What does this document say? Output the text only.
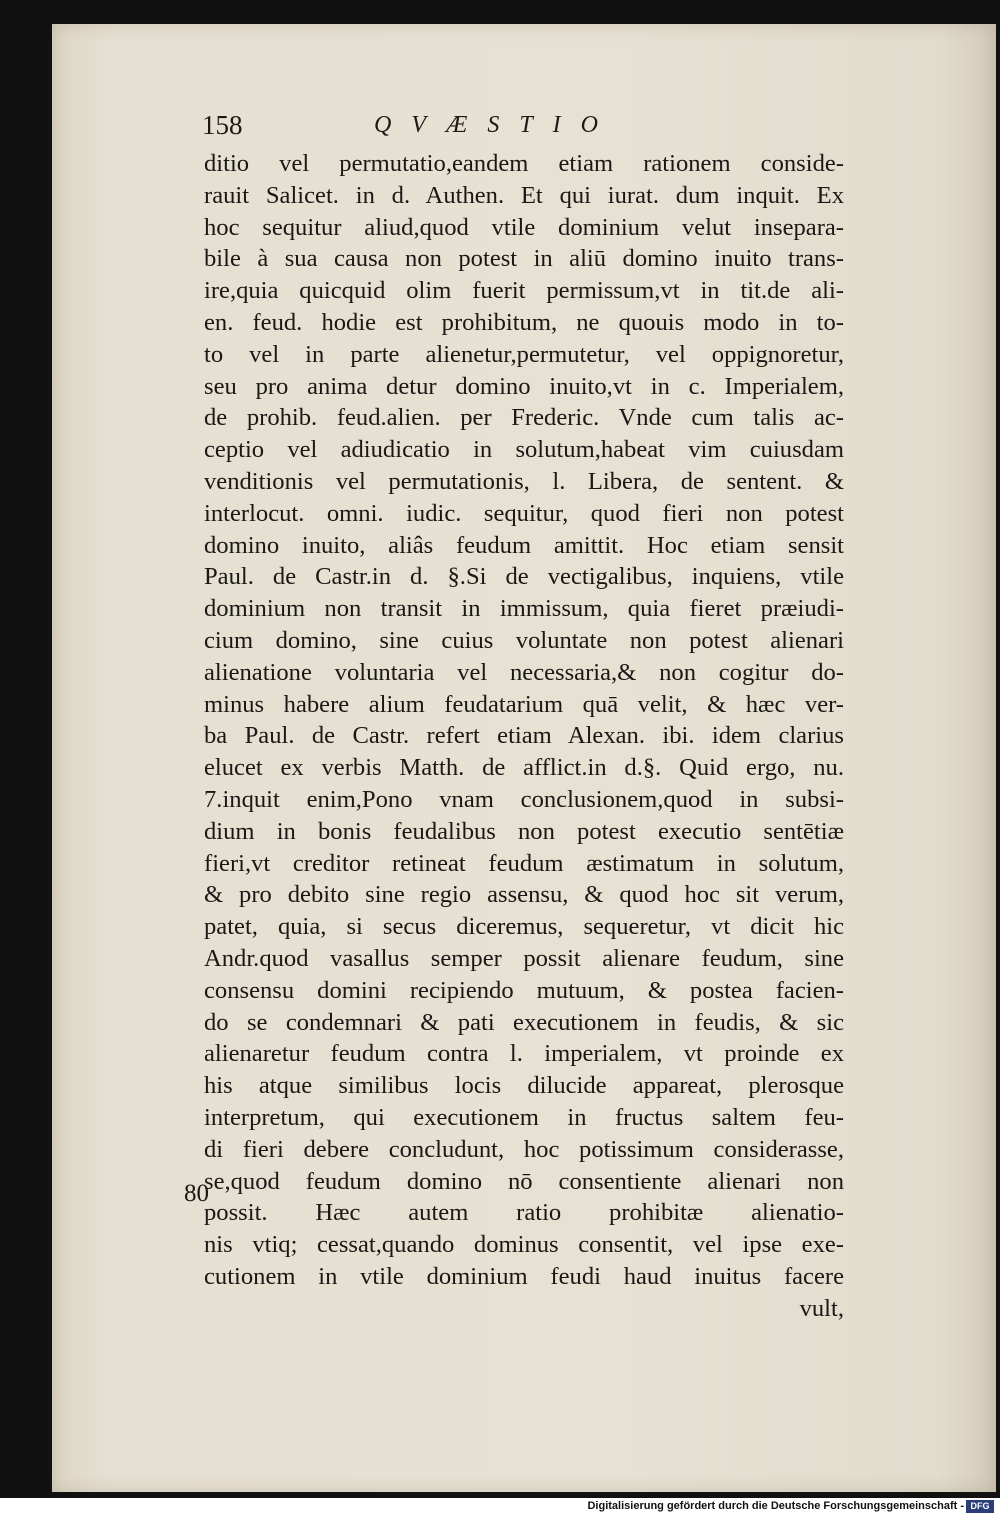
158	QVÆSTIO
ditio vel permutatio,eandem etiam rationem conside-
rauit Salicet. in d. Authen. Et qui iurat. dum inquit. Ex
hoc sequitur aliud,quod vtile dominium velut insepara-
bile à sua causa non potest in aliū domino inuito trans-
ire,quia quicquid olim fuerit permissum,vt in tit.de ali-
en. feud. hodie est prohibitum, ne quouis modo in to-
to vel in parte alienetur,permutetur, vel oppignoretur,
seu pro anima detur domino inuito,vt in c. Imperialem,
de prohib. feud.alien. per Frederic. Vnde cum talis ac-
ceptio vel adiudicatio in solutum,habeat vim cuiusdam
venditionis vel permutationis, l. Libera, de sentent. &
interlocut. omni. iudic. sequitur, quod fieri non potest
domino inuito, aliâs feudum amittit. Hoc etiam sensit
Paul. de Castr.in d. §.Si de vectigalibus, inquiens, vtile
dominium non transit in immissum, quia fieret præiudi-
cium domino, sine cuius voluntate non potest alienari
alienatione voluntaria vel necessaria,& non cogitur do-
minus habere alium feudatarium quā velit, & hæc ver-
ba Paul. de Castr. refert etiam Alexan. ibi. idem clarius
elucet ex verbis Matth. de afflict.in d.§. Quid ergo, nu.
7.inquit enim,Pono vnam conclusionem,quod in subsi-
dium in bonis feudalibus non potest executio sentētiæ
fieri,vt creditor retineat feudum æstimatum in solutum,
& pro debito sine regio assensu, & quod hoc sit verum,
patet, quia, si secus diceremus, sequeretur, vt dicit hic
Andr.quod vasallus semper possit alienare feudum, sine
consensu domini recipiendo mutuum, & postea facien-
do se condemnari & pati executionem in feudis, & sic
alienaretur feudum contra l. imperialem, vt proinde ex
his atque similibus locis dilucide appareat, plerosque
interpretum, qui executionem in fructus saltem feu-
di fieri debere concludunt, hoc potissimum considerasse,
se,quod feudum domino nō consentiente alienari non
possit. Hæc autem ratio prohibitæ alienatio-
nis vtiq; cessat,quando dominus consentit, vel ipse exe-
cutionem in vtile dominium feudi haud inuitus facere
vult,
80
Digitalisierung gefördert durch die Deutsche Forschungsgemeinschaft - DFG
